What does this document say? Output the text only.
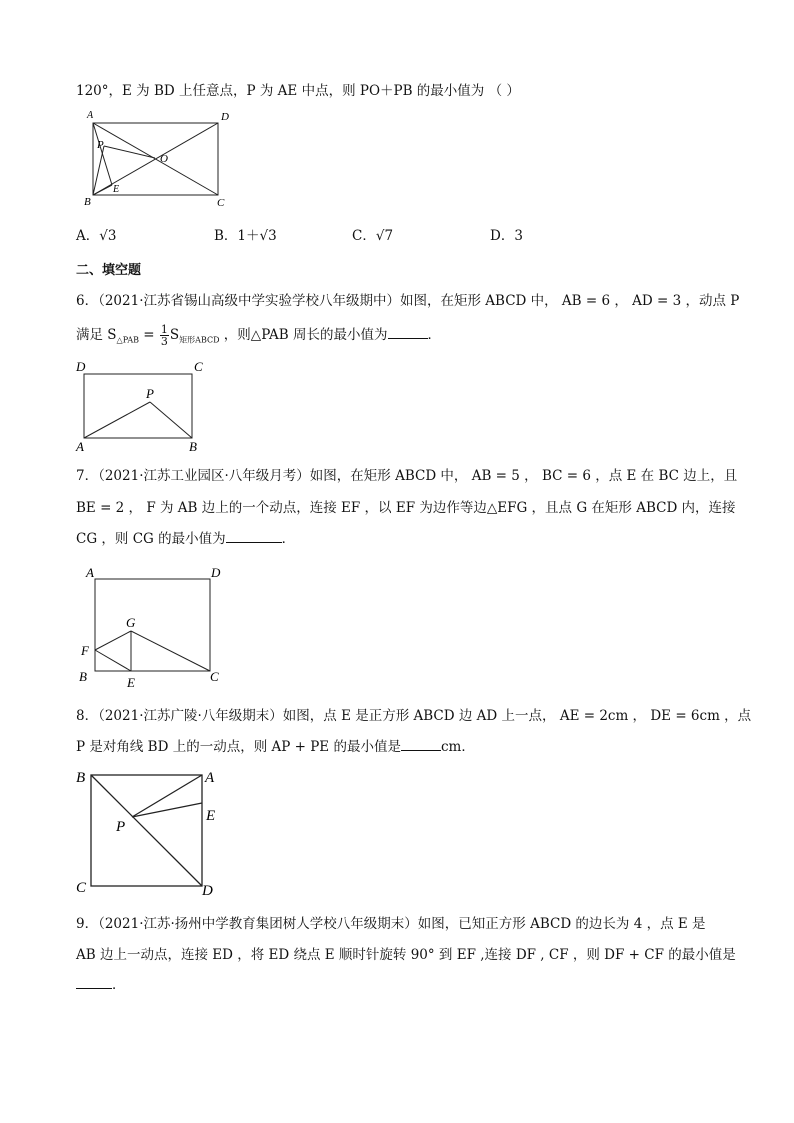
120°，E 为 BD 上任意点，P 为 AE 中点，则 PO＋PB 的最小值为 （ ）
A	D
B	C
O
P
E
A．√3	B．1＋√3	C．√7	D．3
二、填空题
6．（2021·江苏省锡山高级中学实验学校八年级期中）如图，在矩形 ABCD 中， AB = 6 ， AD = 3 ，动点 P
满足 $S_{\triangle PAB} = \frac{1}{3} S_{矩形ABCD}$ ，则△PAB 周长的最小值为	．
D	C
P
A	B
7．（2021·江苏工业园区·八年级月考）如图，在矩形 ABCD 中， AB = 5 ， BC = 6 ，点 E 在 BC 边上，且
BE = 2 ， F 为 AB 边上的一个动点，连接 EF ，以 EF 为边作等边△EFG ，且点 G 在矩形 ABCD 内，连接
CG ，则 CG 的最小值为	．
A	D
G
F
B	E	C
8．（2021·江苏广陵·八年级期末）如图，点 E 是正方形 ABCD 边 AD 上一点， AE = 2cm ， DE = 6cm ，点
P 是对角线 BD 上的一动点，则 AP + PE 的最小值是	cm．
B	A
E
P
C	D
9．（2021·江苏·扬州中学教育集团树人学校八年级期末）如图，已知正方形 ABCD 的边长为 4 ，点 E 是
AB 边上一动点，连接 ED ，将 ED 绕点 E 顺时针旋转 90° 到 EF ,连接 DF , CF ，则 DF + CF 的最小值是
．
